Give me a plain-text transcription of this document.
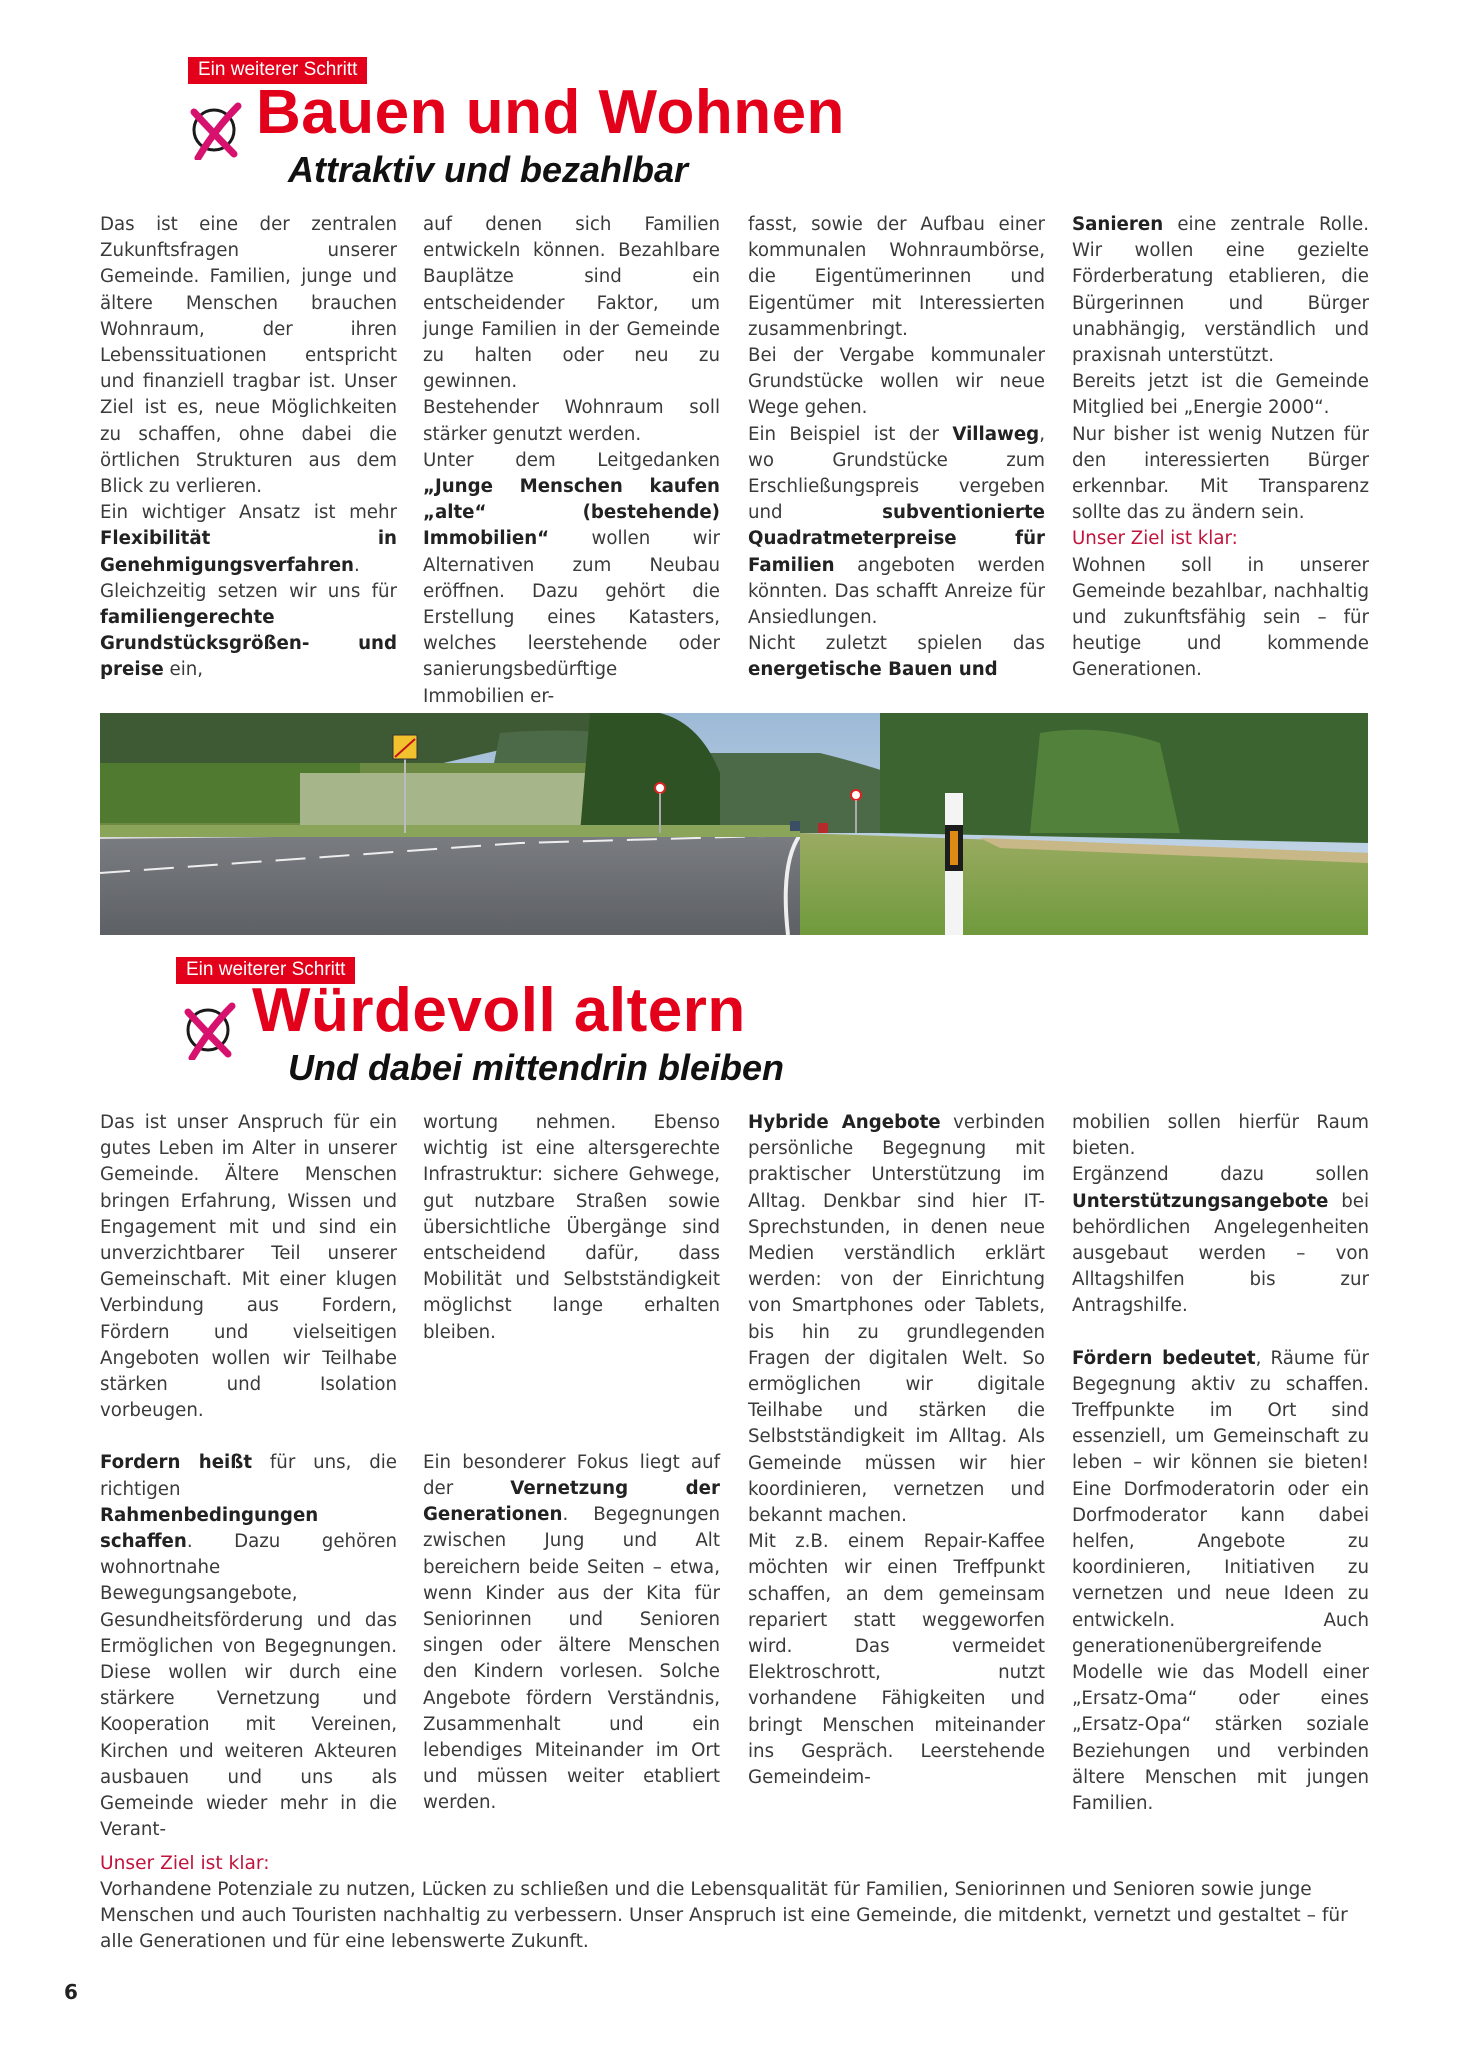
Ein weiterer Schritt
Bauen und Wohnen
Attraktiv und bezahlbar

Das ist eine der zentralen Zukunftsfragen unserer Gemeinde. Familien, junge und ältere Menschen brauchen Wohnraum, der ihren Lebenssituationen entspricht und finanziell tragbar ist. Unser Ziel ist es, neue Möglichkeiten zu schaffen, ohne dabei die örtlichen Strukturen aus dem Blick zu verlieren.

Ein wichtiger Ansatz ist mehr Flexibilität in Genehmigungsverfahren. Gleichzeitig setzen wir uns für familiengerechte Grundstücksgrößen- und preise ein,

auf denen sich Familien entwickeln können. Bezahlbare Bauplätze sind ein entscheidender Faktor, um junge Familien in der Gemeinde zu halten oder neu zu gewinnen.

Bestehender Wohnraum soll stärker genutzt werden.

Unter dem Leitgedanken „Junge Menschen kaufen „alte“ (bestehende) Immobilien“ wollen wir Alternativen zum Neubau eröffnen. Dazu gehört die Erstellung eines Katasters, welches leerstehende oder sanierungsbedürftige Immobilien er-

fasst, sowie der Aufbau einer kommunalen Wohnraumbörse, die Eigentümerinnen und Eigentümer mit Interessierten zusammenbringt.

Bei der Vergabe kommunaler Grundstücke wollen wir neue Wege gehen.

Ein Beispiel ist der Villaweg, wo Grundstücke zum Erschließungspreis vergeben und subventionierte Quadratmeterpreise für Familien angeboten werden könnten. Das schafft Anreize für Ansiedlungen.

Nicht zuletzt spielen das energetische Bauen und

Sanieren eine zentrale Rolle. Wir wollen eine gezielte Förderberatung etablieren, die Bürgerinnen und Bürger unabhängig, verständlich und praxisnah unterstützt.

Bereits jetzt ist die Gemeinde Mitglied bei „Energie 2000“.

Nur bisher ist wenig Nutzen für den interessierten Bürger erkennbar. Mit Transparenz sollte das zu ändern sein.

Unser Ziel ist klar:

Wohnen soll in unserer Gemeinde bezahlbar, nachhaltig und zukunftsfähig sein – für heutige und kommende Generationen.

Ein weiterer Schritt
Würdevoll altern
Und dabei mittendrin bleiben

Das ist unser Anspruch für ein gutes Leben im Alter in unserer Gemeinde. Ältere Menschen bringen Erfahrung, Wissen und Engagement mit und sind ein unverzichtbarer Teil unserer Gemeinschaft. Mit einer klugen Verbindung aus Fordern, Fördern und vielseitigen Angeboten wollen wir Teilhabe stärken und Isolation vorbeugen.

Fordern heißt für uns, die richtigen Rahmenbedingungen schaffen. Dazu gehören wohnortnahe Bewegungsangebote, Gesundheitsförderung und das Ermöglichen von Begegnungen. Diese wollen wir durch eine stärkere Vernetzung und Kooperation mit Vereinen, Kirchen und weiteren Akteuren ausbauen und uns als Gemeinde wieder mehr in die Verant-

wortung nehmen. Ebenso wichtig ist eine altersgerechte Infrastruktur: sichere Gehwege, gut nutzbare Straßen sowie übersichtliche Übergänge sind entscheidend dafür, dass Mobilität und Selbstständigkeit möglichst lange erhalten bleiben.

Ein besonderer Fokus liegt auf der Vernetzung der Generationen. Begegnungen zwischen Jung und Alt bereichern beide Seiten – etwa, wenn Kinder aus der Kita für Seniorinnen und Senioren singen oder ältere Menschen den Kindern vorlesen. Solche Angebote fördern Verständnis, Zusammenhalt und ein lebendiges Miteinander im Ort und müssen weiter etabliert werden.

Hybride Angebote verbinden persönliche Begegnung mit praktischer Unterstützung im Alltag. Denkbar sind hier IT-Sprechstunden, in denen neue Medien verständlich erklärt werden: von der Einrichtung von Smartphones oder Tablets, bis hin zu grundlegenden Fragen der digitalen Welt. So ermöglichen wir digitale Teilhabe und stärken die Selbstständigkeit im Alltag. Als Gemeinde müssen wir hier koordinieren, vernetzen und bekannt machen.

Mit z.B. einem Repair-Kaffee möchten wir einen Treffpunkt schaffen, an dem gemeinsam repariert statt weggeworfen wird. Das vermeidet Elektroschrott, nutzt vorhandene Fähigkeiten und bringt Menschen miteinander ins Gespräch. Leerstehende Gemeindeim-

mobilien sollen hierfür Raum bieten.

Ergänzend dazu sollen Unterstützungsangebote bei behördlichen Angelegenheiten ausgebaut werden – von Alltagshilfen bis zur Antragshilfe.

Fördern bedeutet, Räume für Begegnung aktiv zu schaffen. Treffpunkte im Ort sind essenziell, um Gemeinschaft zu leben – wir können sie bieten! Eine Dorfmoderatorin oder ein Dorfmoderator kann dabei helfen, Angebote zu koordinieren, Initiativen zu vernetzen und neue Ideen zu entwickeln. Auch generationenübergreifende Modelle wie das Modell einer „Ersatz-Oma“ oder eines „Ersatz-Opa“ stärken soziale Beziehungen und verbinden ältere Menschen mit jungen Familien.

Unser Ziel ist klar:
Vorhandene Potenziale zu nutzen, Lücken zu schließen und die Lebensqualität für Familien, Seniorinnen und Senioren sowie junge Menschen und auch Touristen nachhaltig zu verbessern. Unser Anspruch ist eine Gemeinde, die mitdenkt, vernetzt und gestaltet – für alle Generationen und für eine lebenswerte Zukunft.
6
